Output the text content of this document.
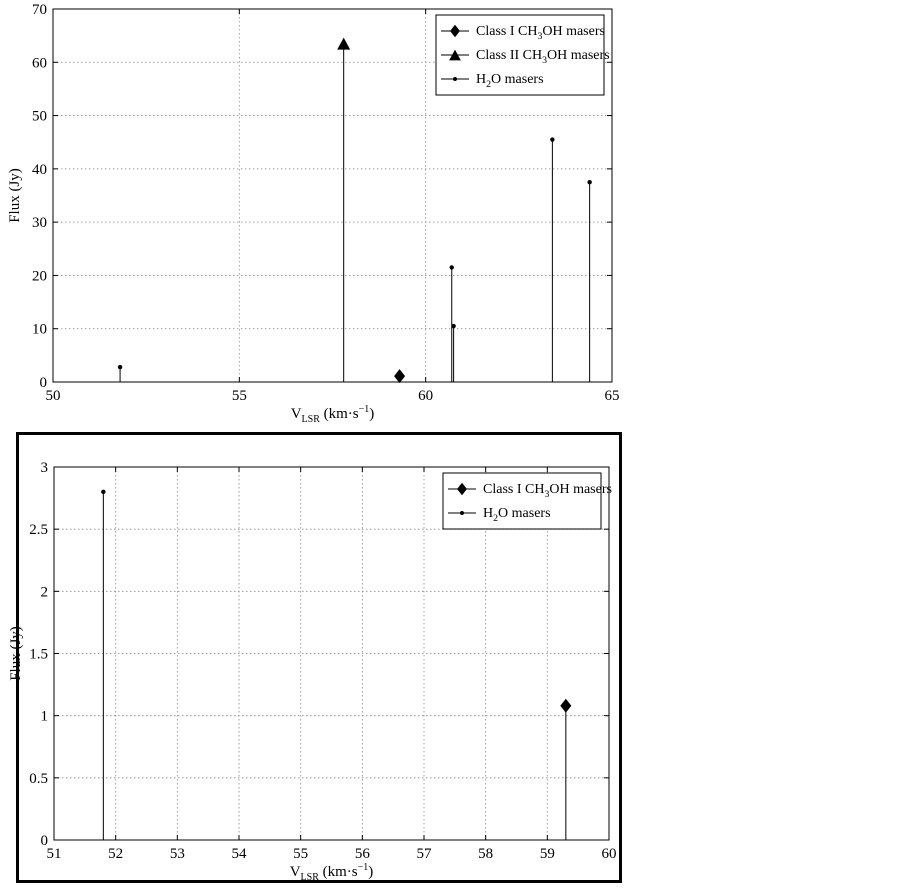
50	55	60	65
0
10
20
30
40
50
60
70
$V_{LSR}$ $(km\cdot s^{-1})$
Flux (Jy)
Class I $CH_3OH$ masers
Class II $CH_3OH$ masers
$H_2O$ masers
51	52	53	54	55	56	57	58	59	60
0
0.5
1
1.5
2
2.5
3
$V_{LSR}$ $(km\cdot s^{-1})$
Flux (Jy)
Class I $CH_3OH$ masers
$H_2O$ masers
